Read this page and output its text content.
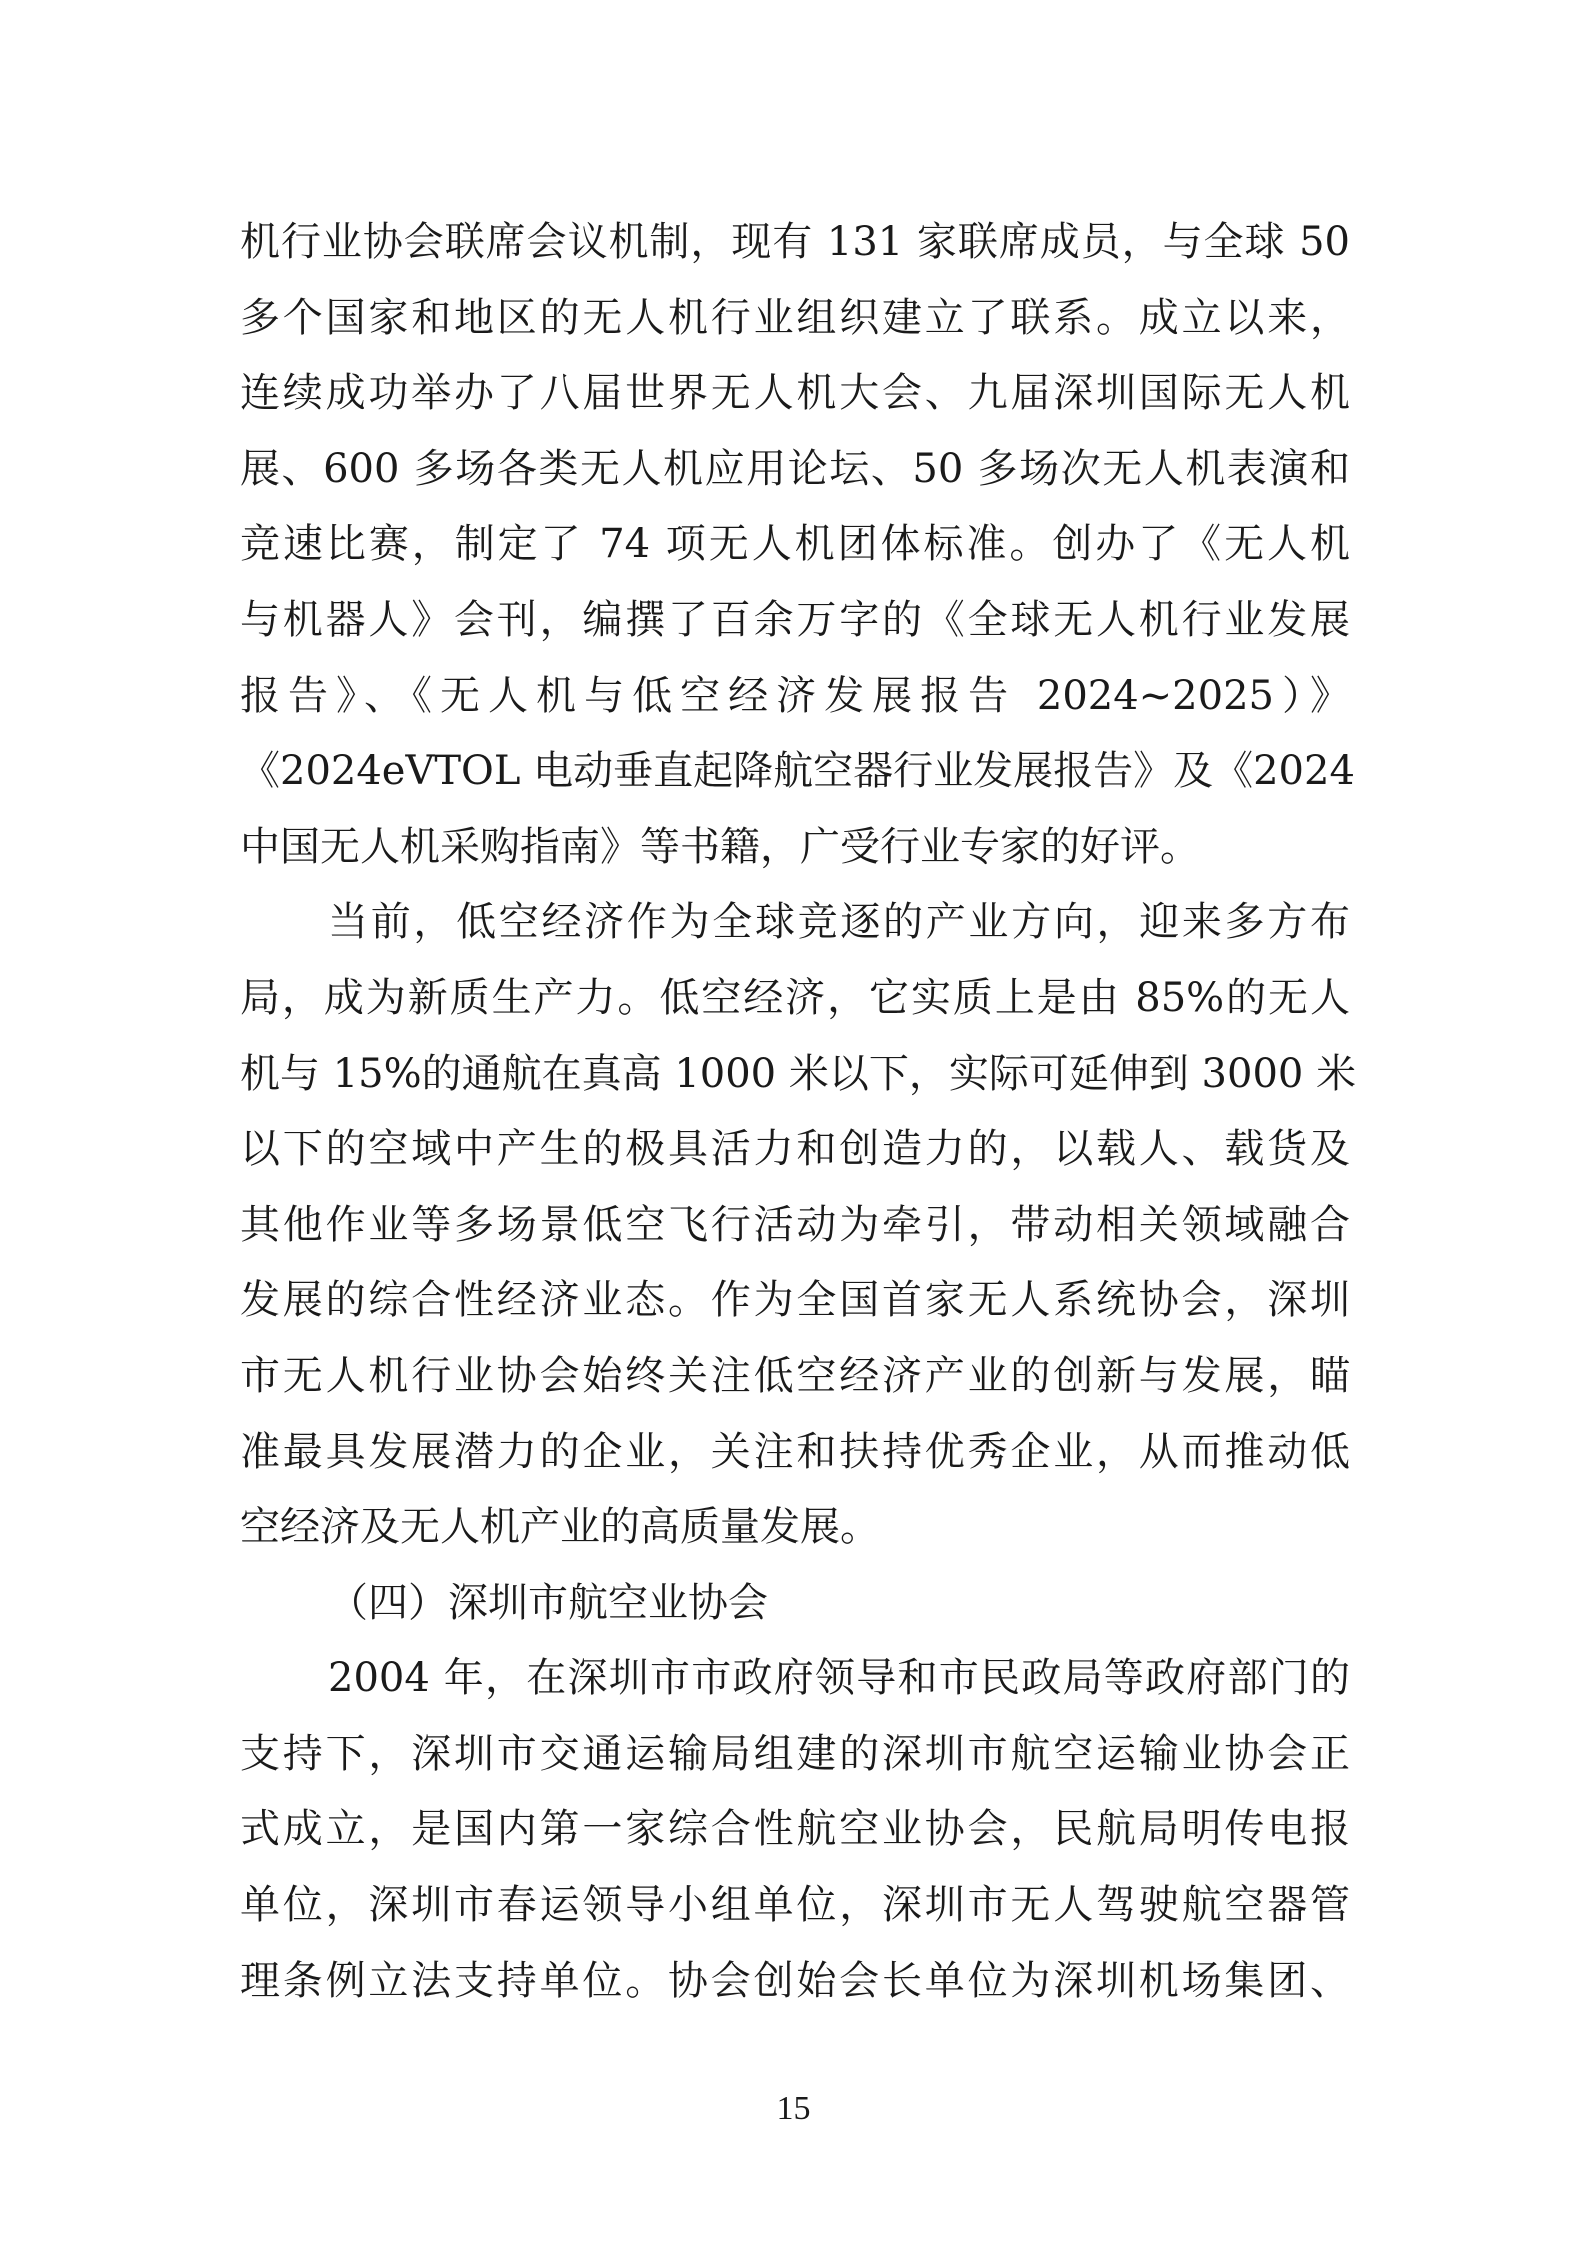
机行业协会联席会议机制，现有 131 家联席成员，与全球 50
多个国家和地区的无人机行业组织建立了联系。成立以来，
连续成功举办了八届世界无人机大会、九届深圳国际无人机
展、600 多场各类无人机应用论坛、50 多场次无人机表演和
竞速比赛，制定了 74 项无人机团体标准。创办了《无人机
与机器人》会刊，编撰了百余万字的《全球无人机行业发展
报告》、《无人机与低空经济发展报告 2024~2025）》
《2024eVTOL 电动垂直起降航空器行业发展报告》及《2024
中国无人机采购指南》等书籍，广受行业专家的好评。
当前，低空经济作为全球竞逐的产业方向，迎来多方布
局，成为新质生产力。低空经济，它实质上是由 85%的无人
机与 15%的通航在真高 1000 米以下，实际可延伸到 3000 米
以下的空域中产生的极具活力和创造力的，以载人、载货及
其他作业等多场景低空飞行活动为牵引，带动相关领域融合
发展的综合性经济业态。作为全国首家无人系统协会，深圳
市无人机行业协会始终关注低空经济产业的创新与发展，瞄
准最具发展潜力的企业，关注和扶持优秀企业，从而推动低
空经济及无人机产业的高质量发展。
（四）深圳市航空业协会
2004 年，在深圳市市政府领导和市民政局等政府部门的
支持下，深圳市交通运输局组建的深圳市航空运输业协会正
式成立，是国内第一家综合性航空业协会，民航局明传电报
单位，深圳市春运领导小组单位，深圳市无人驾驶航空器管
理条例立法支持单位。协会创始会长单位为深圳机场集团、
15
